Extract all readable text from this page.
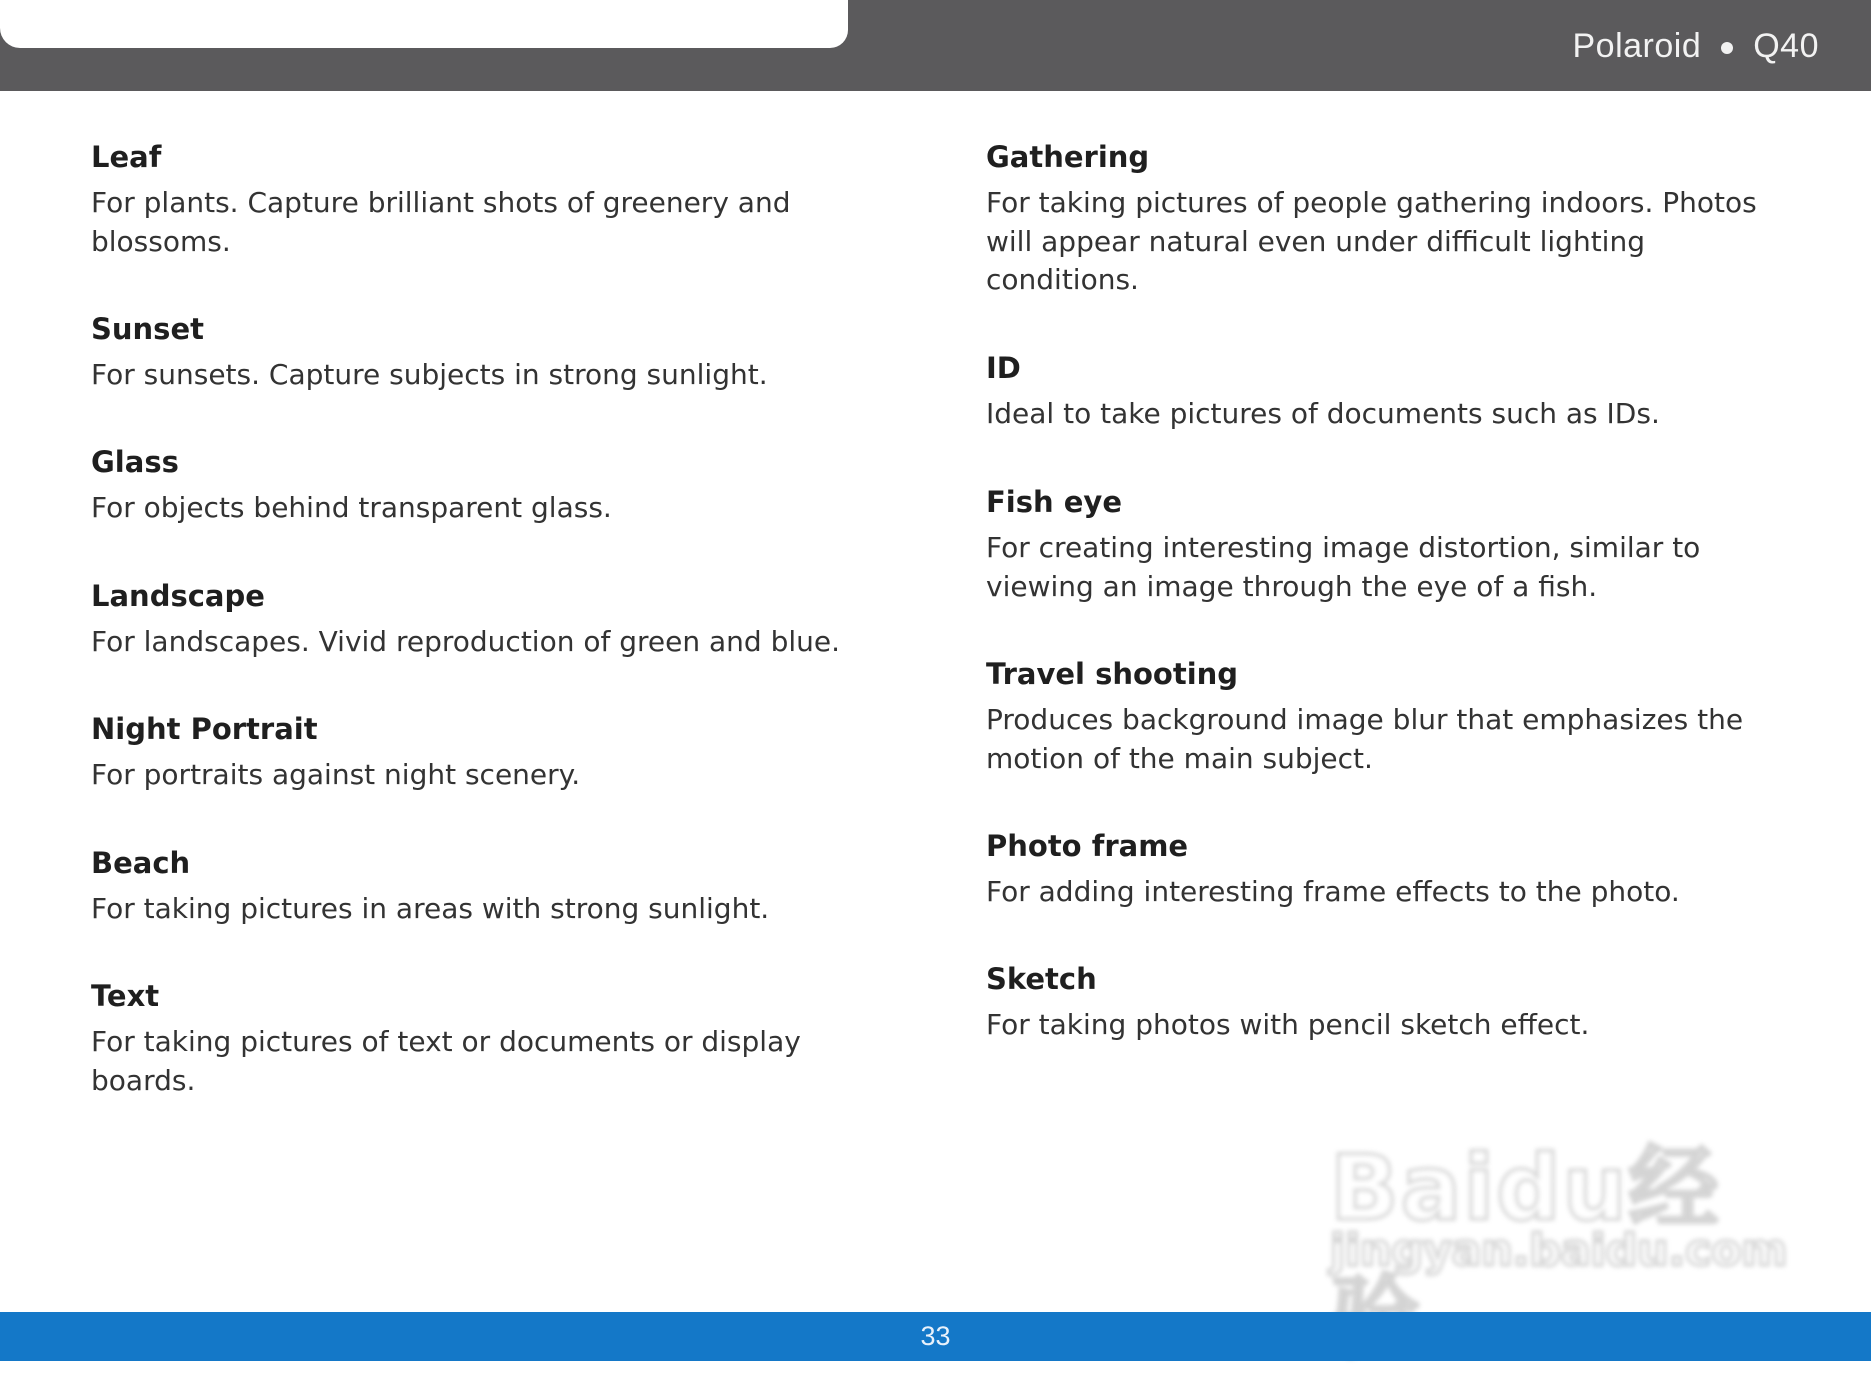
Polaroid Q40
Leaf

For plants. Capture brilliant shots of greenery and blossoms.

Sunset

For sunsets. Capture subjects in strong sunlight.

Glass

For objects behind transparent glass.

Landscape

For landscapes. Vivid reproduction of green and blue.

Night Portrait

For portraits against night scenery.

Beach

For taking pictures in areas with strong sunlight.

Text

For taking pictures of text or documents or display boards.

Gathering

For taking pictures of people gathering indoors. Photos will appear natural even under difficult lighting conditions.

ID

Ideal to take pictures of documents such as IDs.

Fish eye

For creating interesting image distortion, similar to viewing an image through the eye of a fish.

Travel shooting

Produces background image blur that emphasizes the motion of the main subject.

Photo frame

For adding interesting frame effects to the photo.

Sketch

For taking photos with pencil sketch effect.

Baidu经
jingyan.baidu.com
33
